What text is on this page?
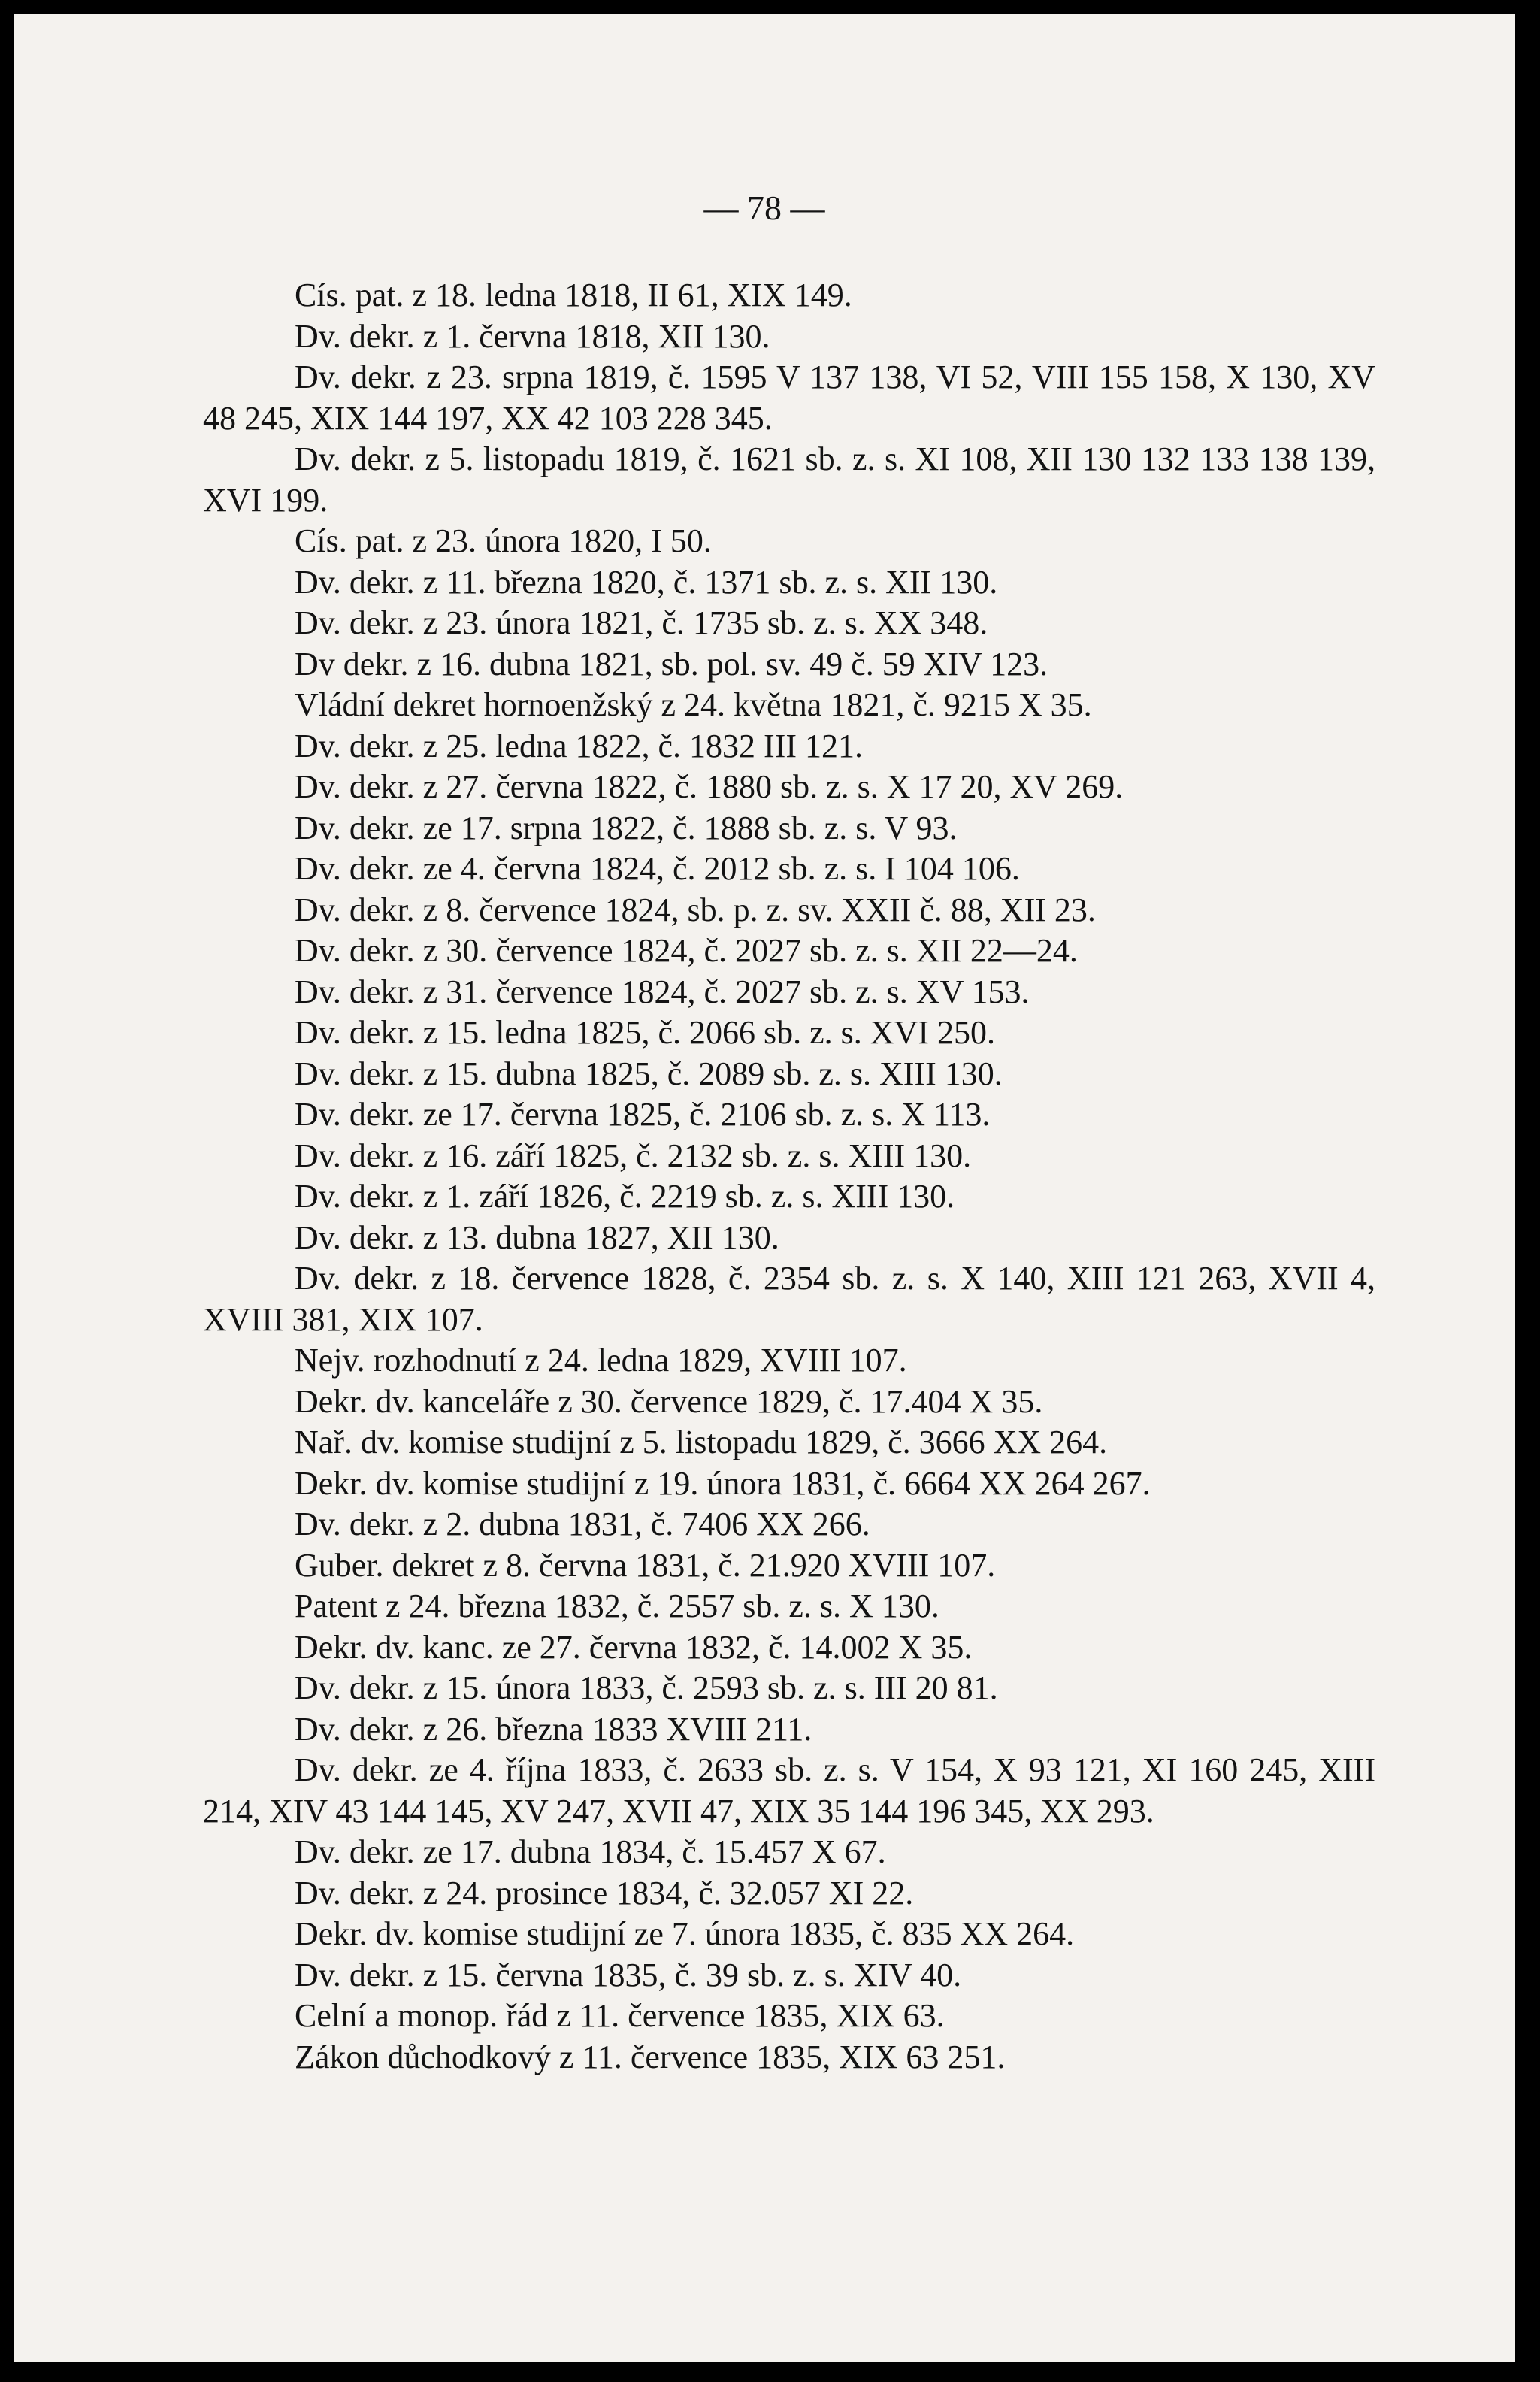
— 78 —

Cís. pat. z 18. ledna 1818, II 61, XIX 149.
Dv. dekr. z 1. června 1818, XII 130.
Dv. dekr. z 23. srpna 1819, č. 1595 V 137 138, VI 52, VIII 155 158, X 130, XV 48 245, XIX 144 197, XX 42 103 228 345.
Dv. dekr. z 5. listopadu 1819, č. 1621 sb. z. s. XI 108, XII 130 132 133 138 139, XVI 199.
Cís. pat. z 23. února 1820, I 50.
Dv. dekr. z 11. března 1820, č. 1371 sb. z. s. XII 130.
Dv. dekr. z 23. února 1821, č. 1735 sb. z. s. XX 348.
Dv dekr. z 16. dubna 1821, sb. pol. sv. 49 č. 59 XIV 123.
Vládní dekret hornoenžský z 24. května 1821, č. 9215 X 35.
Dv. dekr. z 25. ledna 1822, č. 1832 III 121.
Dv. dekr. z 27. června 1822, č. 1880 sb. z. s. X 17 20, XV 269.
Dv. dekr. ze 17. srpna 1822, č. 1888 sb. z. s. V 93.
Dv. dekr. ze 4. června 1824, č. 2012 sb. z. s. I 104 106.
Dv. dekr. z 8. července 1824, sb. p. z. sv. XXII č. 88, XII 23.
Dv. dekr. z 30. července 1824, č. 2027 sb. z. s. XII 22—24.
Dv. dekr. z 31. července 1824, č. 2027 sb. z. s. XV 153.
Dv. dekr. z 15. ledna 1825, č. 2066 sb. z. s. XVI 250.
Dv. dekr. z 15. dubna 1825, č. 2089 sb. z. s. XIII 130.
Dv. dekr. ze 17. června 1825, č. 2106 sb. z. s. X 113.
Dv. dekr. z 16. září 1825, č. 2132 sb. z. s. XIII 130.
Dv. dekr. z 1. září 1826, č. 2219 sb. z. s. XIII 130.
Dv. dekr. z 13. dubna 1827, XII 130.
Dv. dekr. z 18. července 1828, č. 2354 sb. z. s. X 140, XIII 121 263, XVII 4, XVIII 381, XIX 107.
Nejv. rozhodnutí z 24. ledna 1829, XVIII 107.
Dekr. dv. kanceláře z 30. července 1829, č. 17.404 X 35.
Nař. dv. komise studijní z 5. listopadu 1829, č. 3666 XX 264.
Dekr. dv. komise studijní z 19. února 1831, č. 6664 XX 264 267.
Dv. dekr. z 2. dubna 1831, č. 7406 XX 266.
Guber. dekret z 8. června 1831, č. 21.920 XVIII 107.
Patent z 24. března 1832, č. 2557 sb. z. s. X 130.
Dekr. dv. kanc. ze 27. června 1832, č. 14.002 X 35.
Dv. dekr. z 15. února 1833, č. 2593 sb. z. s. III 20 81.
Dv. dekr. z 26. března 1833 XVIII 211.
Dv. dekr. ze 4. října 1833, č. 2633 sb. z. s. V 154, X 93 121, XI 160 245, XIII 214, XIV 43 144 145, XV 247, XVII 47, XIX 35 144 196 345, XX 293.
Dv. dekr. ze 17. dubna 1834, č. 15.457 X 67.
Dv. dekr. z 24. prosince 1834, č. 32.057 XI 22.
Dekr. dv. komise studijní ze 7. února 1835, č. 835 XX 264.
Dv. dekr. z 15. června 1835, č. 39 sb. z. s. XIV 40.
Celní a monop. řád z 11. července 1835, XIX 63.
Zákon důchodkový z 11. července 1835, XIX 63 251.
